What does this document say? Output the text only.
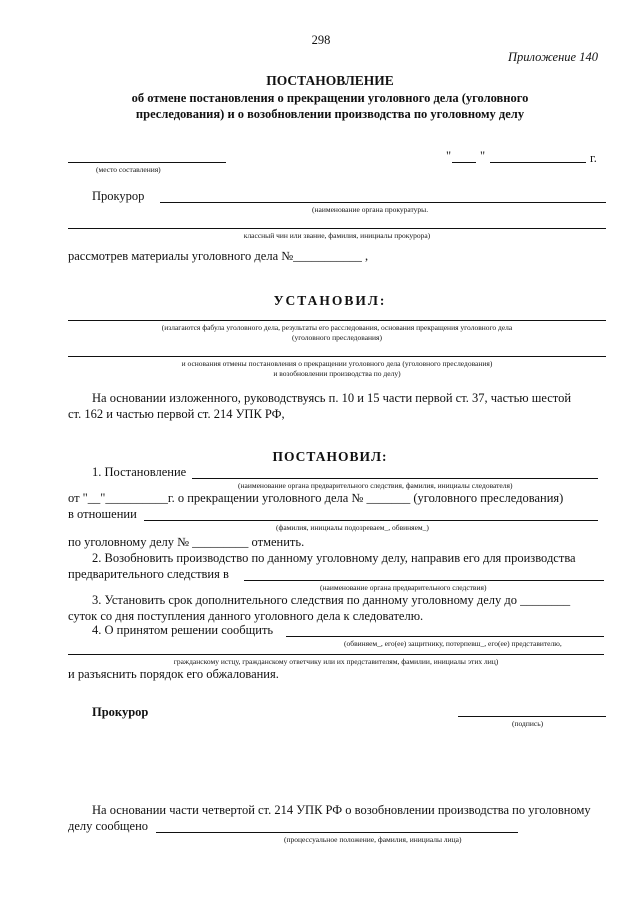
298
Приложение 140
ПОСТАНОВЛЕНИЕ
об отмене постановления о прекращении уголовного дела (уголовного
преследования) и о возобновлении производства по уголовному делу
(место составления)
" "	г.
Прокурор
(наименование органа прокуратуры.
классный чин или звание, фамилия, инициалы прокурора)
рассмотрев материалы уголовного дела №___________ ,
УСТАНОВИЛ:
(излагаются фабула уголовного дела, результаты его расследования, основания прекращения уголовного дела
(уголовного преследования)
и основания отмены постановления о прекращении уголовного дела (уголовного преследования)
и возобновлении производства по делу)
На основании изложенного, руководствуясь п. 10 и 15 части первой ст. 37, частью шестой
ст. 162 и частью первой ст. 214 УПК РФ,
ПОСТАНОВИЛ:
1. Постановление
(наименование органа предварительного следствия, фамилия, инициалы следователя)
от "__"__________г. о прекращении уголовного дела № _______ (уголовного преследования)
в отношении
(фамилия, инициалы подозреваем_, обвиняем_)
по уголовному делу № _________ отменить.
2. Возобновить производство по данному уголовному делу, направив его для производства
предварительного следствия в
(наименование органа предварительного следствия)
3. Установить срок дополнительного следствия по данному уголовному делу до ________
суток со дня поступления данного уголовного дела к следователю.
4. О принятом решении сообщить
(обвиняем_, его(ее) защитнику, потерпевш_, его(ее) представителю,
гражданскому истцу, гражданскому ответчику или их представителям, фамилии, инициалы этих лиц)
и разъяснить порядок его обжалования.
Прокурор
(подпись)
На основании части четвертой ст. 214 УПК РФ о возобновлении производства по уголовному
делу сообщено
(процессуальное положение, фамилия, инициалы лица)
